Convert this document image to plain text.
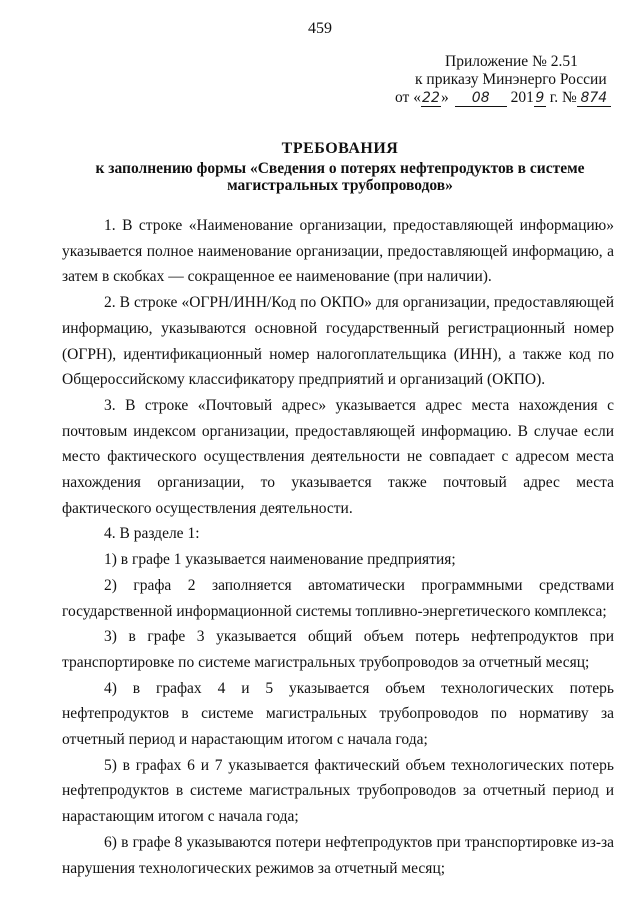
459
Приложение № 2.51
к приказу Минэнерго России
от «22» 08 201 9 г. № 874
ТРЕБОВАНИЯ
к заполнению формы «Сведения о потерях нефтепродуктов в системе
магистральных трубопроводов»

1. В строке «Наименование организации, предоставляющей информацию» указывается полное наименование организации, предоставляющей информацию, а затем в скобках — сокращенное ее наименование (при наличии).

2. В строке «ОГРН/ИНН/Код по ОКПО» для организации, предоставляющей информацию, указываются основной государственный регистрационный номер (ОГРН), идентификационный номер налогоплательщика (ИНН), а также код по Общероссийскому классификатору предприятий и организаций (ОКПО).

3. В строке «Почтовый адрес» указывается адрес места нахождения с почтовым индексом организации, предоставляющей информацию. В случае если место фактического осуществления деятельности не совпадает с адресом места нахождения организации, то указывается также почтовый адрес места фактического осуществления деятельности.

4. В разделе 1:

1) в графе 1 указывается наименование предприятия;

2) графа 2 заполняется автоматически программными средствами государственной информационной системы топливно-энергетического комплекса;

3) в графе 3 указывается общий объем потерь нефтепродуктов при транспортировке по системе магистральных трубопроводов за отчетный месяц;

4) в графах 4 и 5 указывается объем технологических потерь нефтепродуктов в системе магистральных трубопроводов по нормативу за отчетный период и нарастающим итогом с начала года;

5) в графах 6 и 7 указывается фактический объем технологических потерь нефтепродуктов в системе магистральных трубопроводов за отчетный период и нарастающим итогом с начала года;

6) в графе 8 указываются потери нефтепродуктов при транспортировке из-за нарушения технологических режимов за отчетный месяц;
